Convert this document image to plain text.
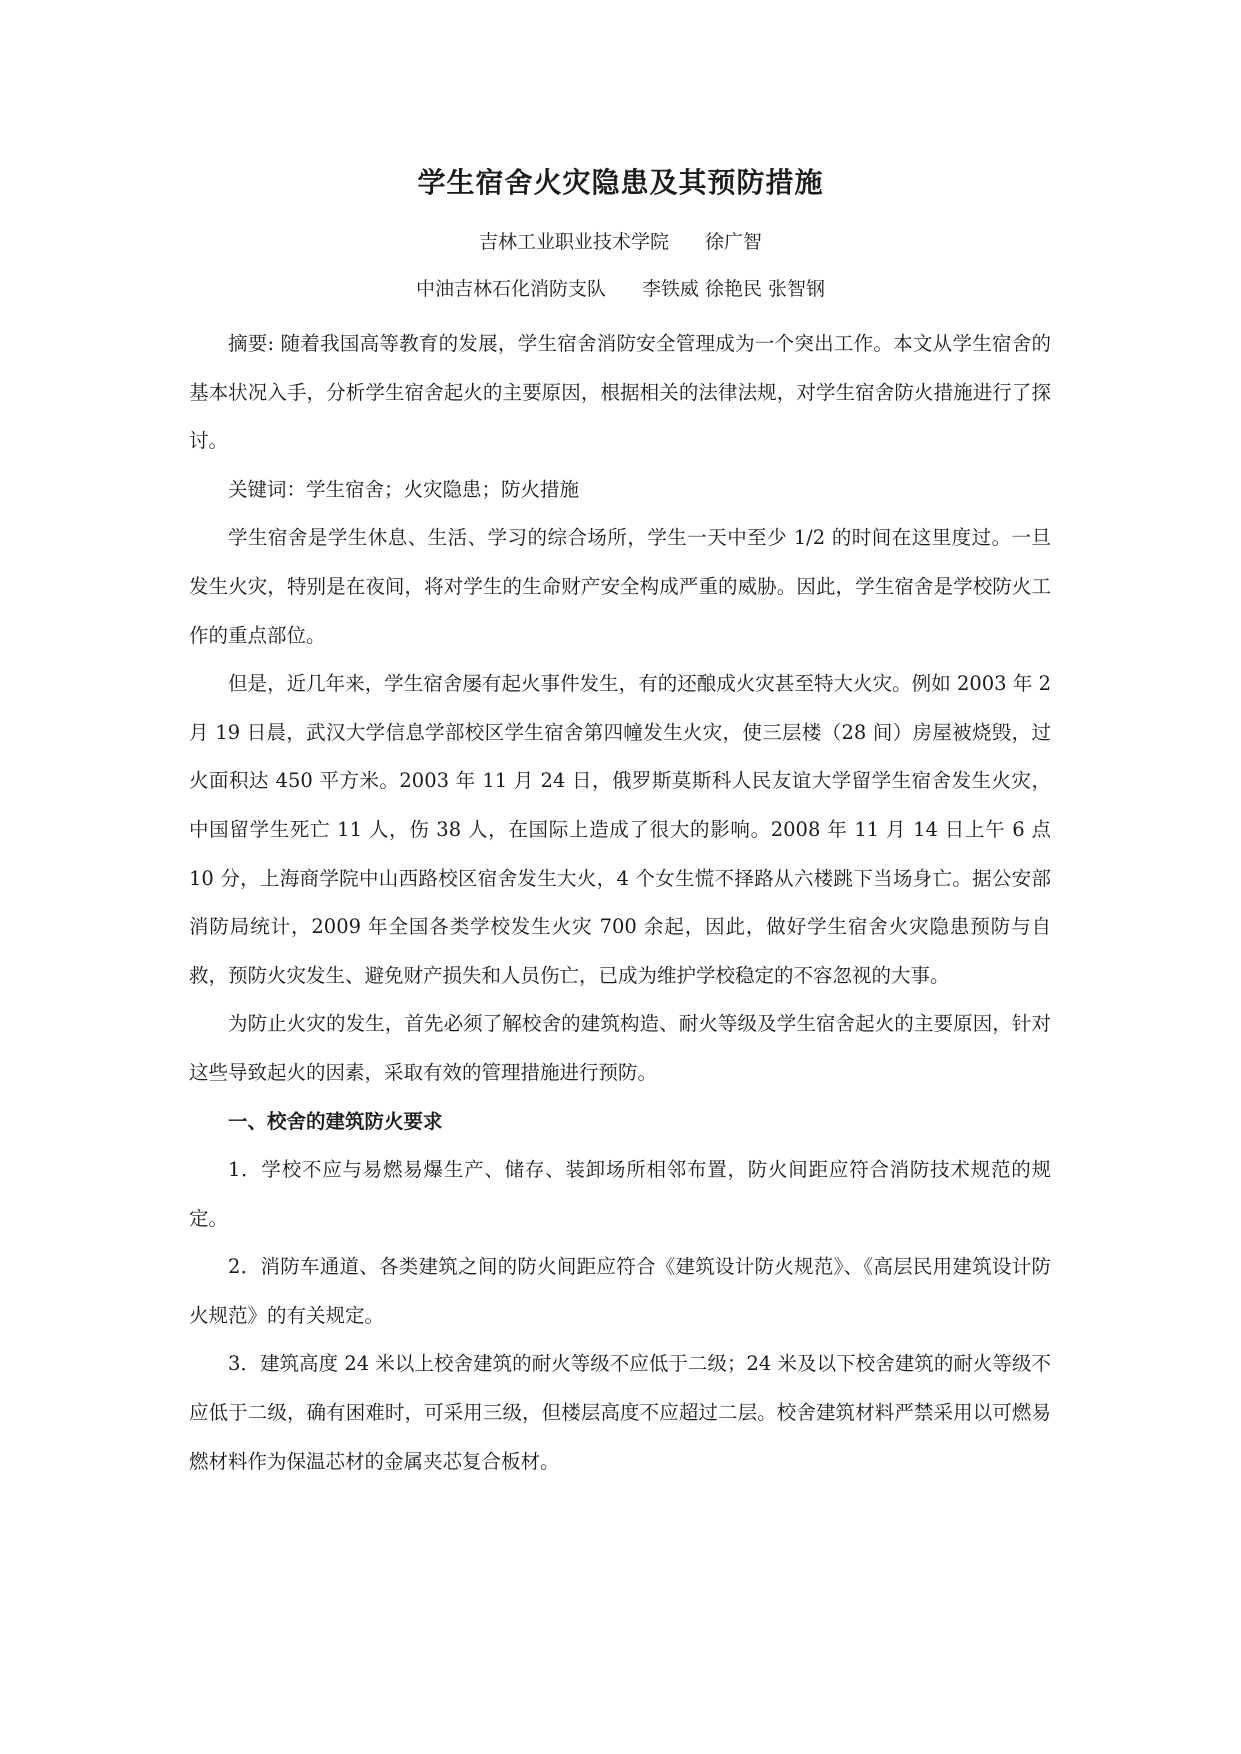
学生宿舍火灾隐患及其预防措施
吉林工业职业技术学院 徐广智
中油吉林石化消防支队 李铁威 徐艳民 张智钢

摘要: 随着我国高等教育的发展，学生宿舍消防安全管理成为一个突出工作。本文从学生宿舍的基本状况入手，分析学生宿舍起火的主要原因，根据相关的法律法规，对学生宿舍防火措施进行了探讨。

关键词：学生宿舍；火灾隐患；防火措施

学生宿舍是学生休息、生活、学习的综合场所，学生一天中至少 1/2 的时间在这里度过。一旦发生火灾，特别是在夜间，将对学生的生命财产安全构成严重的威胁。因此，学生宿舍是学校防火工作的重点部位。

但是，近几年来，学生宿舍屡有起火事件发生，有的还酿成火灾甚至特大火灾。例如 2003 年 2 月 19 日晨，武汉大学信息学部校区学生宿舍第四幢发生火灾，使三层楼（28 间）房屋被烧毁，过火面积达 450 平方米。2003 年 11 月 24 日，俄罗斯莫斯科人民友谊大学留学生宿舍发生火灾，中国留学生死亡 11 人，伤 38 人，在国际上造成了很大的影响。2008 年 11 月 14 日上午 6 点 10 分，上海商学院中山西路校区宿舍发生大火，4 个女生慌不择路从六楼跳下当场身亡。据公安部消防局统计，2009 年全国各类学校发生火灾 700 余起，因此，做好学生宿舍火灾隐患预防与自救，预防火灾发生、避免财产损失和人员伤亡，已成为维护学校稳定的不容忽视的大事。

为防止火灾的发生，首先必须了解校舍的建筑构造、耐火等级及学生宿舍起火的主要原因，针对这些导致起火的因素，采取有效的管理措施进行预防。

一、校舍的建筑防火要求

1．学校不应与易燃易爆生产、储存、装卸场所相邻布置，防火间距应符合消防技术规范的规定。

2．消防车通道、各类建筑之间的防火间距应符合《建筑设计防火规范》、《高层民用建筑设计防火规范》的有关规定。

3．建筑高度 24 米以上校舍建筑的耐火等级不应低于二级；24 米及以下校舍建筑的耐火等级不应低于二级，确有困难时，可采用三级，但楼层高度不应超过二层。校舍建筑材料严禁采用以可燃易燃材料作为保温芯材的金属夹芯复合板材。
